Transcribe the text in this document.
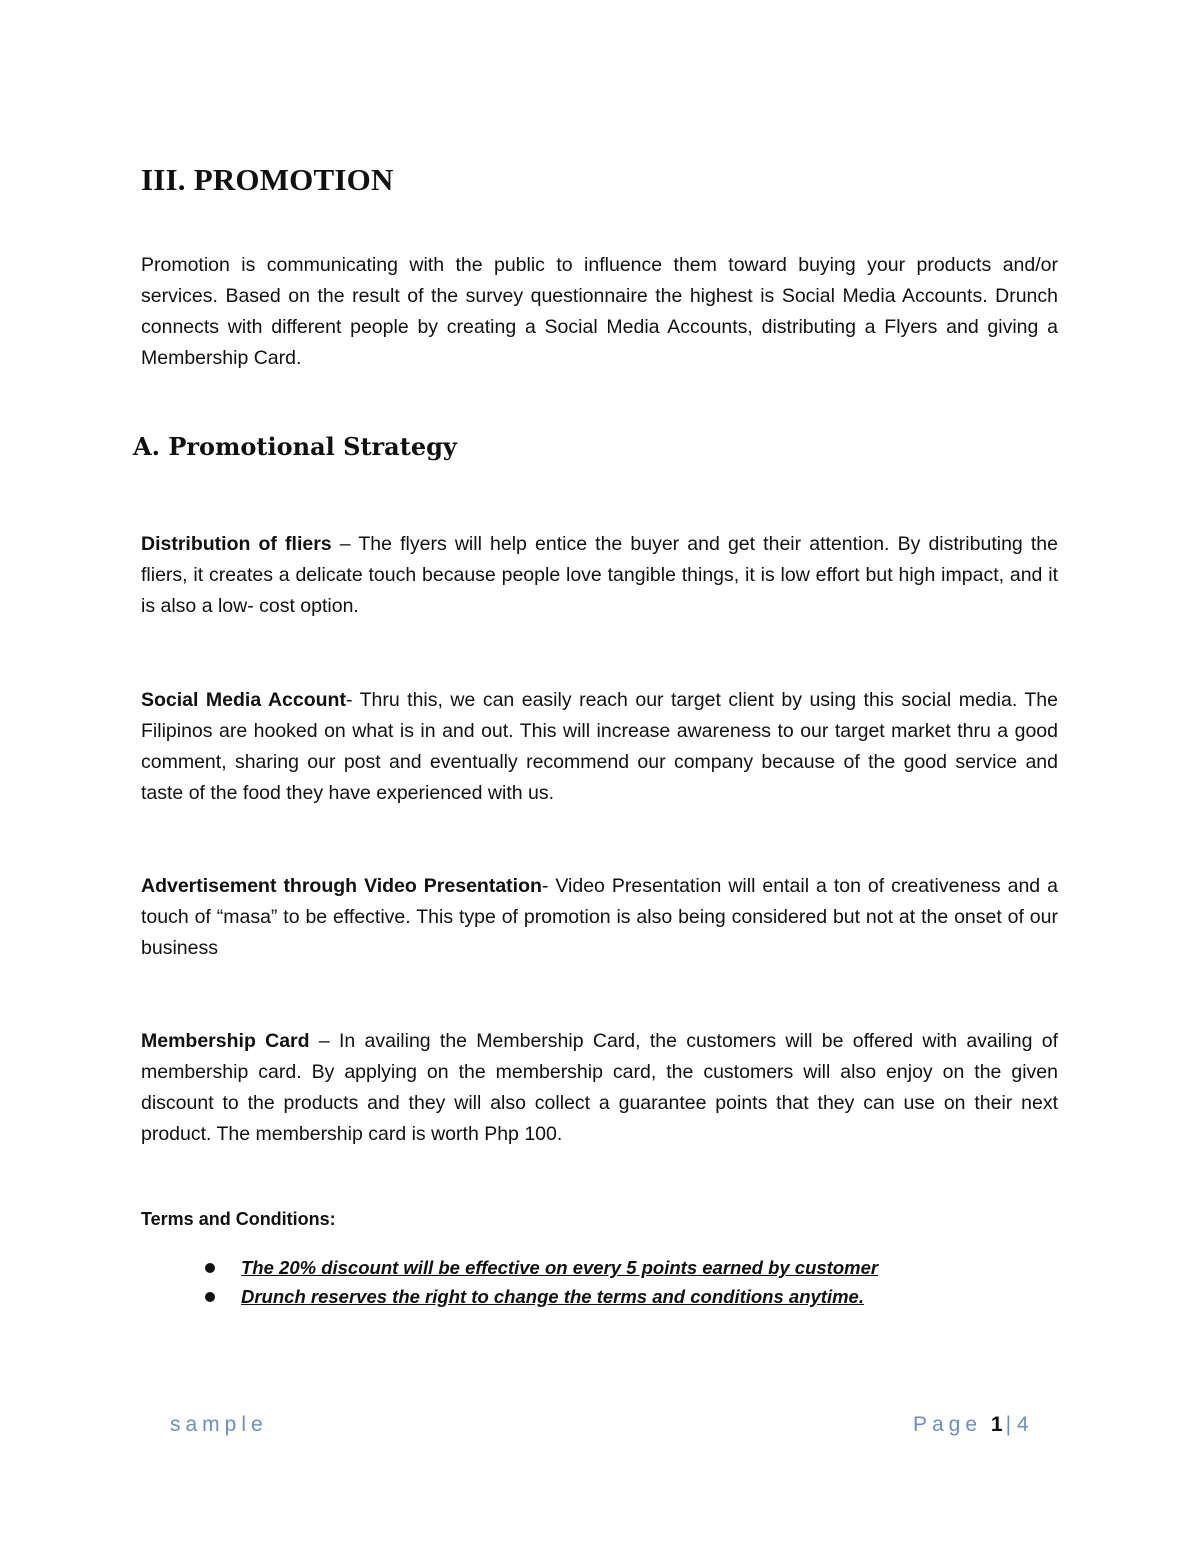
III. PROMOTION

Promotion is communicating with the public to influence them toward buying your products and/or services. Based on the result of the survey questionnaire the highest is Social Media Accounts. Drunch connects with different people by creating a Social Media Accounts, distributing a Flyers and giving a Membership Card.

A. Promotional Strategy

Distribution of fliers – The flyers will help entice the buyer and get their attention. By distributing the fliers, it creates a delicate touch because people love tangible things, it is low effort but high impact, and it is also a low- cost option.

Social Media Account- Thru this, we can easily reach our target client by using this social media. The Filipinos are hooked on what is in and out. This will increase awareness to our target market thru a good comment, sharing our post and eventually recommend our company because of the good service and taste of the food they have experienced with us.

Advertisement through Video Presentation- Video Presentation will entail a ton of creativeness and a touch of “masa” to be effective. This type of promotion is also being considered but not at the onset of our business

Membership Card – In availing the Membership Card, the customers will be offered with availing of membership card. By applying on the membership card, the customers will also enjoy on the given discount to the products and they will also collect a guarantee points that they can use on their next product. The membership card is worth Php 100.

Terms and Conditions:

The 20% discount will be effective on every 5 points earned by customer
Drunch reserves the right to change the terms and conditions anytime.
sample	Page 1 | 4
